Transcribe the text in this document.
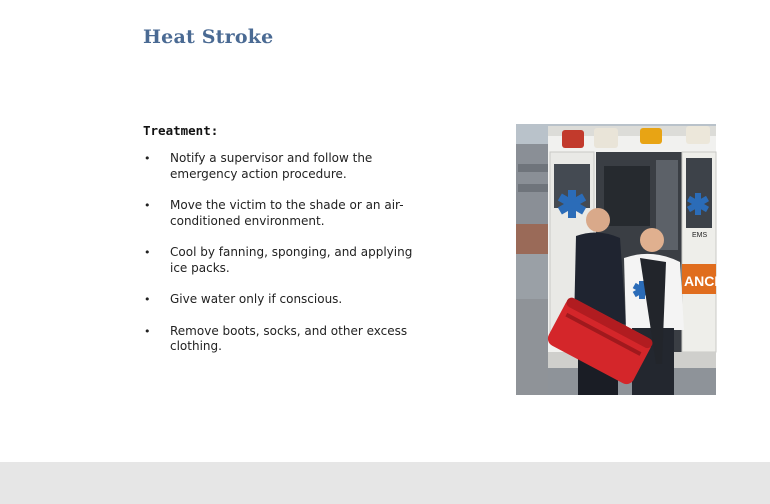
Heat Stroke
Treatment:
• Notify a supervisor and follow the emergency action procedure.
• Move the victim to the shade or an air-conditioned environment.
• Cool by fanning, sponging, and applying ice packs.
• Give water only if conscious.
• Remove boots, socks, and other excess clothing.
ANCE
EMS
